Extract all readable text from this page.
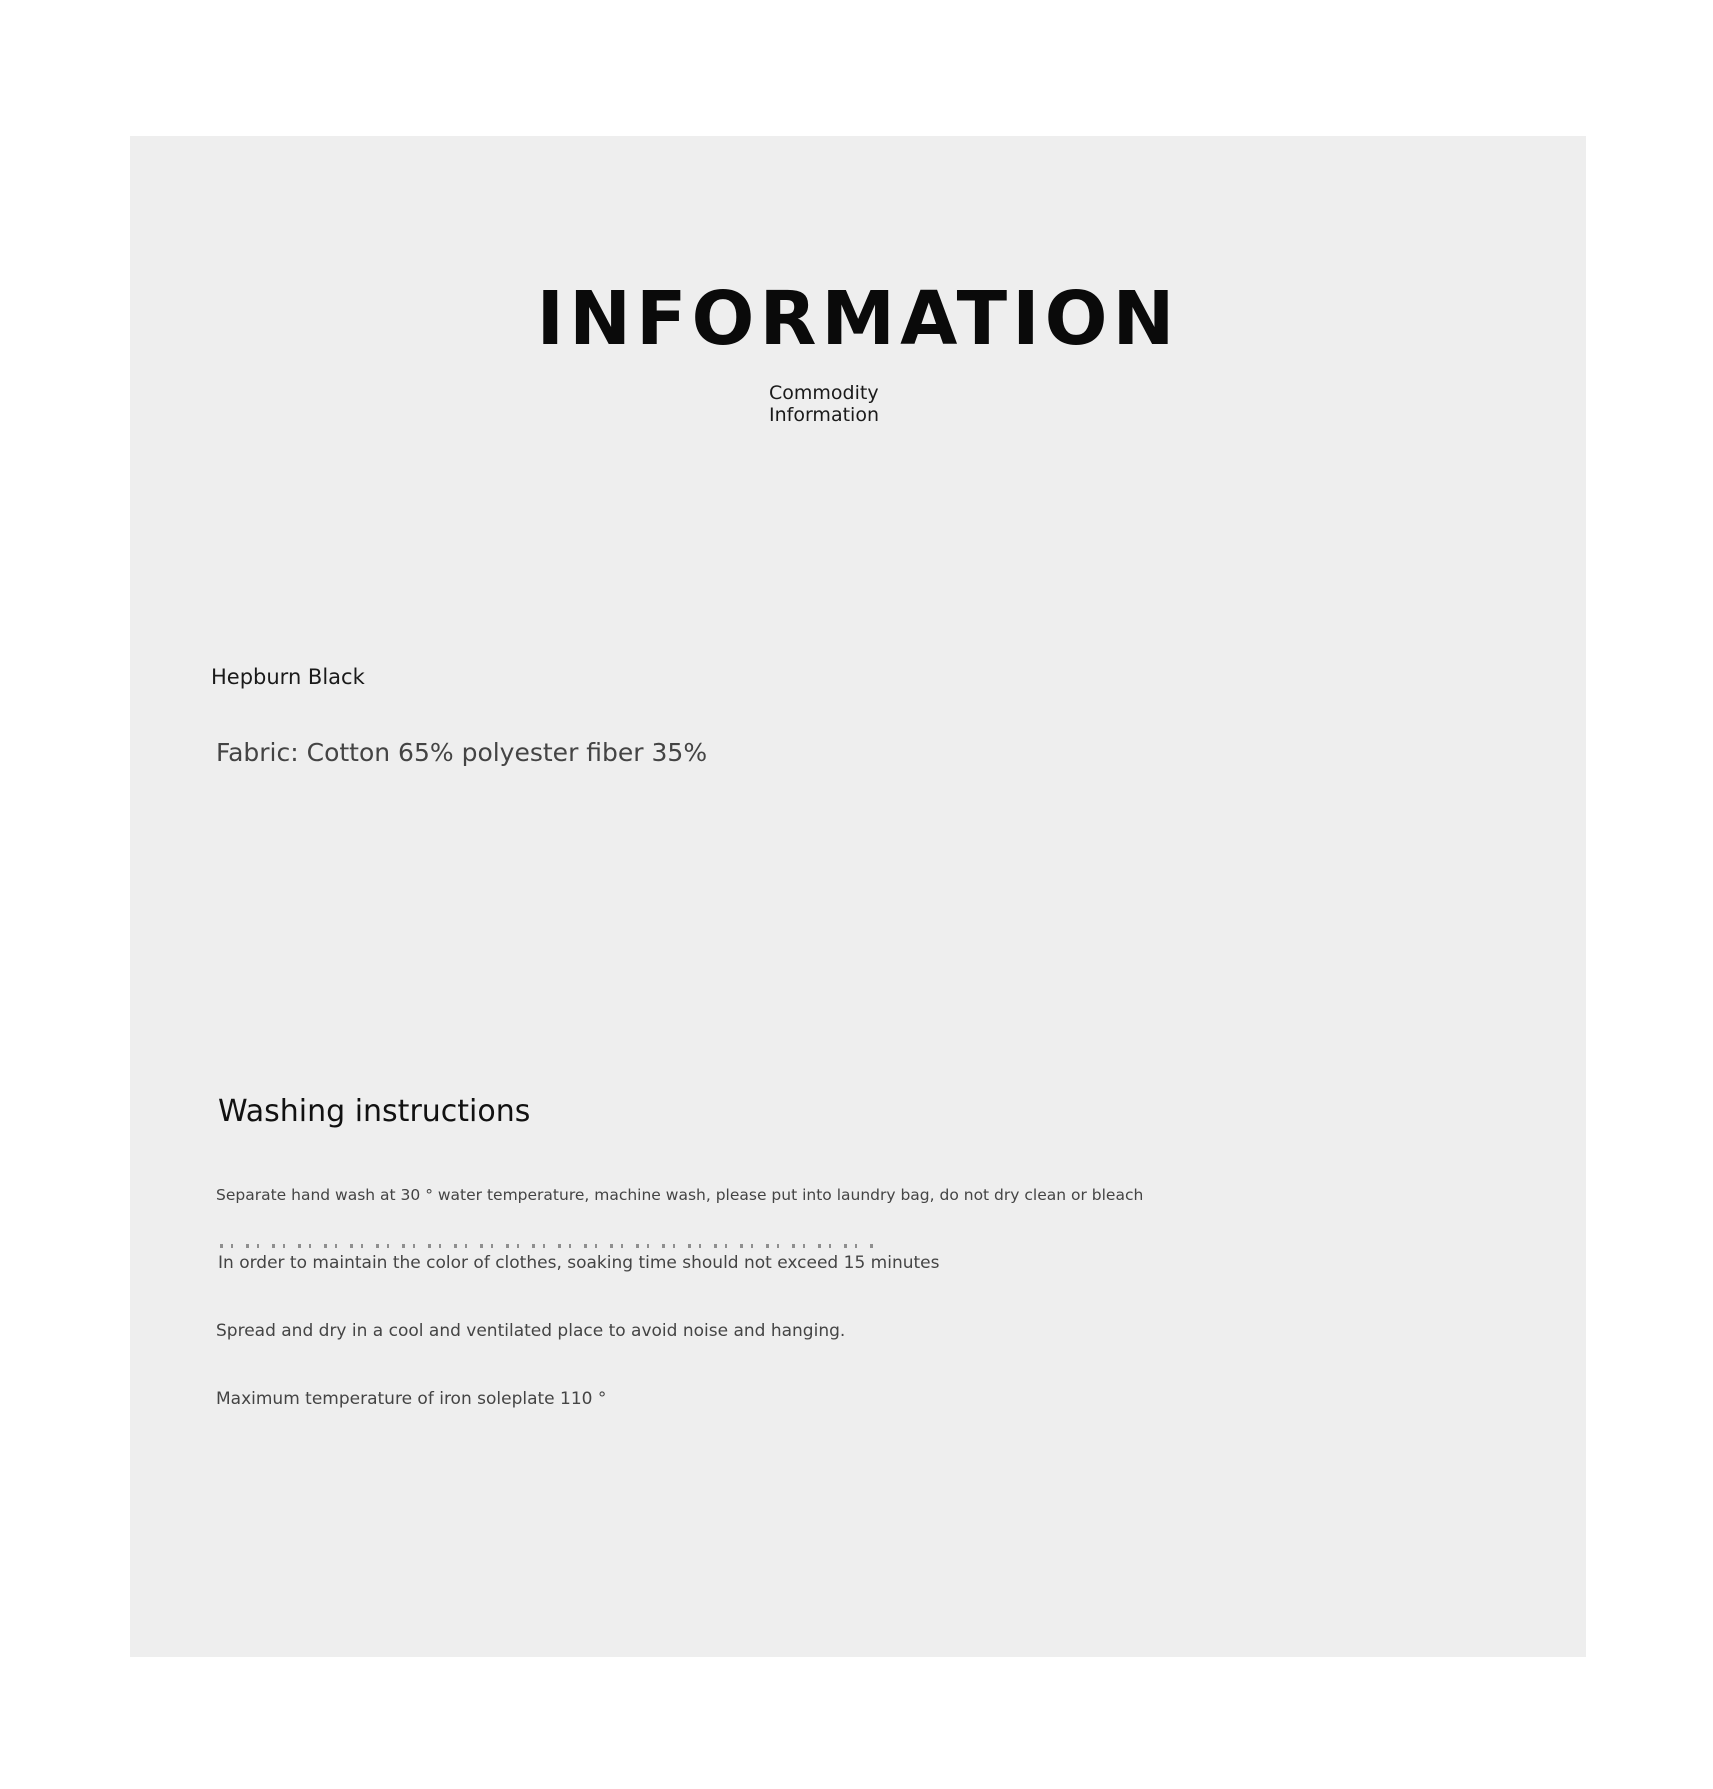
INFORMATION
Commodity
Information
Hepburn Black
Fabric: Cotton 65% polyester fiber 35%
Washing instructions
Separate hand wash at 30 ° water temperature, machine wash, please put into laundry bag, do not dry clean or bleach
In order to maintain the color of clothes, soaking time should not exceed 15 minutes
Spread and dry in a cool and ventilated place to avoid noise and hanging.
Maximum temperature of iron soleplate 110 °
